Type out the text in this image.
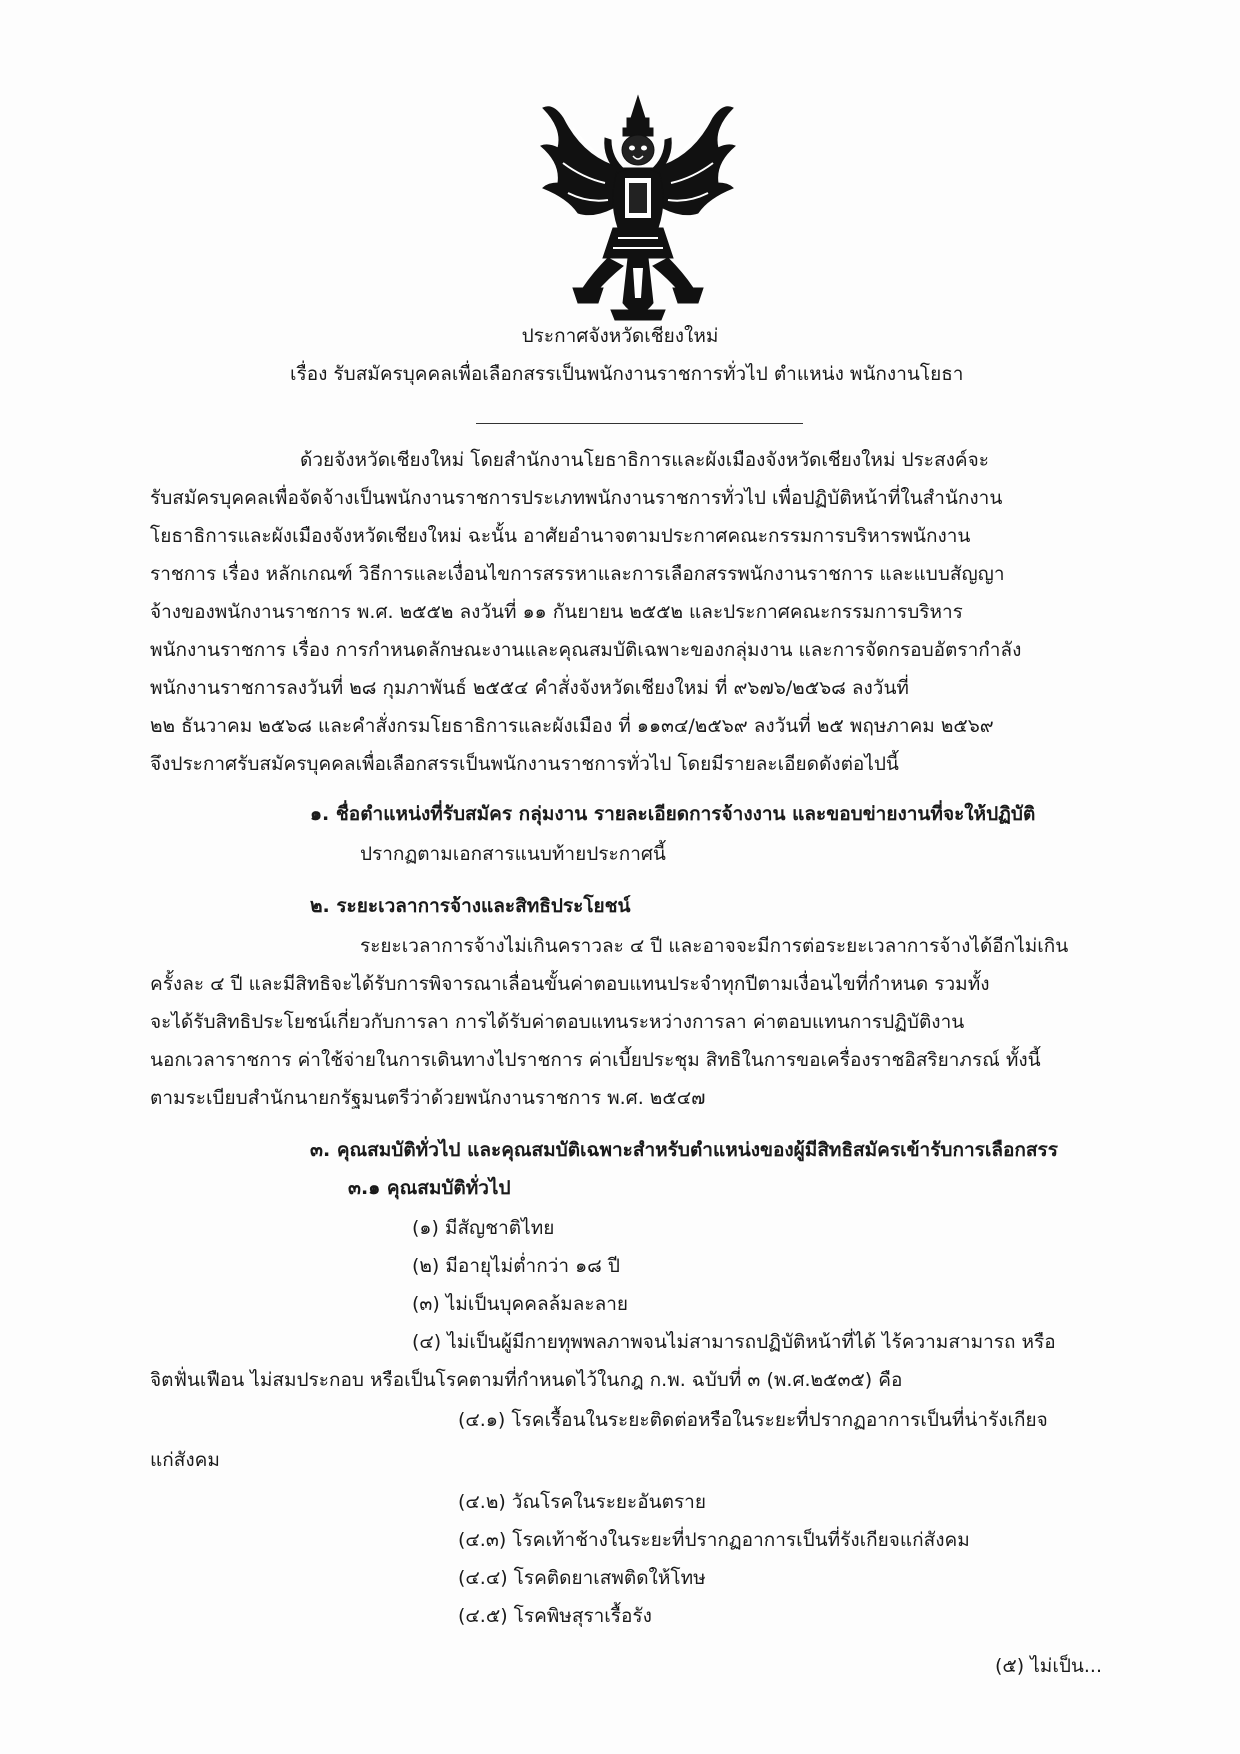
ประกาศจังหวัดเชียงใหม่
เรื่อง รับสมัครบุคคลเพื่อเลือกสรรเป็นพนักงานราชการทั่วไป ตำแหน่ง พนักงานโยธา
ด้วยจังหวัดเชียงใหม่ โดยสำนักงานโยธาธิการและผังเมืองจังหวัดเชียงใหม่ ประสงค์จะ
รับสมัครบุคคลเพื่อจัดจ้างเป็นพนักงานราชการประเภทพนักงานราชการทั่วไป เพื่อปฏิบัติหน้าที่ในสำนักงาน
โยธาธิการและผังเมืองจังหวัดเชียงใหม่ ฉะนั้น อาศัยอำนาจตามประกาศคณะกรรมการบริหารพนักงาน
ราชการ เรื่อง หลักเกณฑ์ วิธีการและเงื่อนไขการสรรหาและการเลือกสรรพนักงานราชการ และแบบสัญญา
จ้างของพนักงานราชการ พ.ศ. ๒๕๕๒ ลงวันที่ ๑๑ กันยายน ๒๕๕๒ และประกาศคณะกรรมการบริหาร
พนักงานราชการ เรื่อง การกำหนดลักษณะงานและคุณสมบัติเฉพาะของกลุ่มงาน และการจัดกรอบอัตรากำลัง
พนักงานราชการลงวันที่ ๒๘ กุมภาพันธ์ ๒๕๕๔ คำสั่งจังหวัดเชียงใหม่ ที่ ๙๖๗๖/๒๕๖๘ ลงวันที่
๒๒ ธันวาคม ๒๕๖๘ และคำสั่งกรมโยธาธิการและผังเมือง ที่ ๑๑๓๔/๒๕๖๙ ลงวันที่ ๒๕ พฤษภาคม ๒๕๖๙
จึงประกาศรับสมัครบุคคลเพื่อเลือกสรรเป็นพนักงานราชการทั่วไป โดยมีรายละเอียดดังต่อไปนี้
๑. ชื่อตำแหน่งที่รับสมัคร กลุ่มงาน รายละเอียดการจ้างงาน และขอบข่ายงานที่จะให้ปฏิบัติ
ปรากฏตามเอกสารแนบท้ายประกาศนี้
๒. ระยะเวลาการจ้างและสิทธิประโยชน์
ระยะเวลาการจ้างไม่เกินคราวละ ๔ ปี และอาจจะมีการต่อระยะเวลาการจ้างได้อีกไม่เกิน
ครั้งละ ๔ ปี และมีสิทธิจะได้รับการพิจารณาเลื่อนขั้นค่าตอบแทนประจำทุกปีตามเงื่อนไขที่กำหนด รวมทั้ง
จะได้รับสิทธิประโยชน์เกี่ยวกับการลา การได้รับค่าตอบแทนระหว่างการลา ค่าตอบแทนการปฏิบัติงาน
นอกเวลาราชการ ค่าใช้จ่ายในการเดินทางไปราชการ ค่าเบี้ยประชุม สิทธิในการขอเครื่องราชอิสริยาภรณ์ ทั้งนี้
ตามระเบียบสำนักนายกรัฐมนตรีว่าด้วยพนักงานราชการ พ.ศ. ๒๕๔๗
๓. คุณสมบัติทั่วไป และคุณสมบัติเฉพาะสำหรับตำแหน่งของผู้มีสิทธิสมัครเข้ารับการเลือกสรร
๓.๑ คุณสมบัติทั่วไป
(๑) มีสัญชาติไทย
(๒) มีอายุไม่ต่ำกว่า ๑๘ ปี
(๓) ไม่เป็นบุคคลล้มละลาย
(๔) ไม่เป็นผู้มีกายทุพพลภาพจนไม่สามารถปฏิบัติหน้าที่ได้ ไร้ความสามารถ หรือ
จิตฟั่นเฟือน ไม่สมประกอบ หรือเป็นโรคตามที่กำหนดไว้ในกฎ ก.พ. ฉบับที่ ๓ (พ.ศ.๒๕๓๕) คือ
(๔.๑) โรคเรื้อนในระยะติดต่อหรือในระยะที่ปรากฏอาการเป็นที่น่ารังเกียจ
แก่สังคม
(๔.๒) วัณโรคในระยะอันตราย
(๔.๓) โรคเท้าช้างในระยะที่ปรากฏอาการเป็นที่รังเกียจแก่สังคม
(๔.๔) โรคติดยาเสพติดให้โทษ
(๔.๕) โรคพิษสุราเรื้อรัง
(๕) ไม่เป็น...
